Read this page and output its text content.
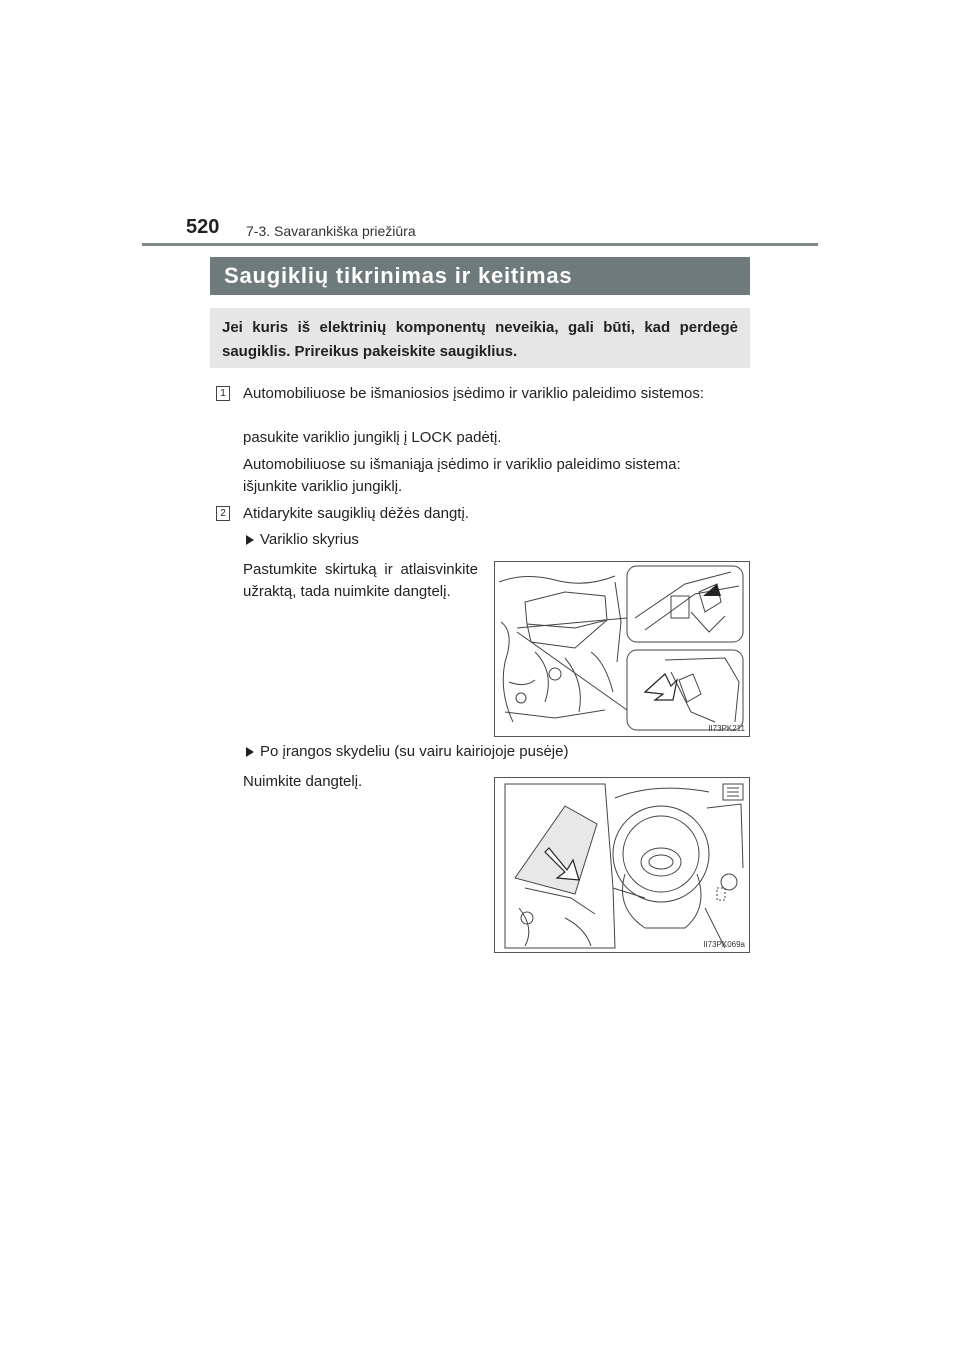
520 7-3. Savarankiška priežiūra
Saugiklių tikrinimas ir keitimas
Jei kuris iš elektrinių komponentų neveikia, gali būti, kad perdegė saugiklis. Prireikus pakeiskite saugiklius.
1 Automobiliuose be išmaniosios įsėdimo ir variklio paleidimo sistemos:
pasukite variklio jungiklį į LOCK padėtį.
Automobiliuose su išmaniąja įsėdimo ir variklio paleidimo sistema:
išjunkite variklio jungiklį.
2 Atidarykite saugiklių dėžės dangtį.
Variklio skyrius
Pastumkite skirtuką ir atlaisvinkite užraktą, tada nuimkite dangtelį.
II73PK211
Po įrangos skydeliu (su vairu kairiojoje pusėje)
Nuimkite dangtelį.
II73PK069a
